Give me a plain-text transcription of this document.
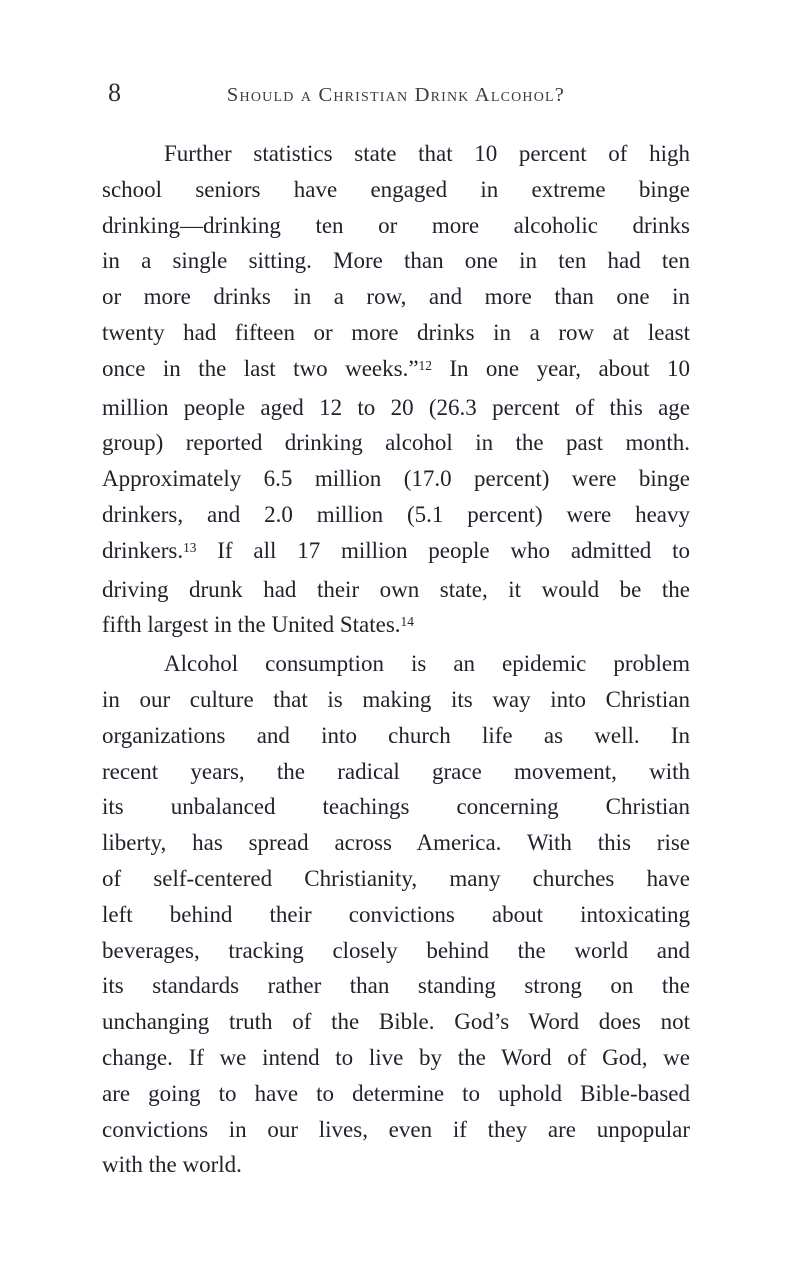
8	Should a Christian Drink Alcohol?
Further statistics state that 10 percent of high
school seniors have engaged in extreme binge
drinking—drinking ten or more alcoholic drinks
in a single sitting. More than one in ten had ten
or more drinks in a row, and more than one in
twenty had fifteen or more drinks in a row at least
once in the last two weeks.”$^{12}$ In one year, about 10
million people aged 12 to 20 (26.3 percent of this age
group) reported drinking alcohol in the past month.
Approximately 6.5 million (17.0 percent) were binge
drinkers, and 2.0 million (5.1 percent) were heavy
drinkers.$^{13}$ If all 17 million people who admitted to
driving drunk had their own state, it would be the
fifth largest in the United States.$^{14}$
Alcohol consumption is an epidemic problem
in our culture that is making its way into Christian
organizations and into church life as well. In
recent years, the radical grace movement, with
its unbalanced teachings concerning Christian
liberty, has spread across America. With this rise
of self-centered Christianity, many churches have
left behind their convictions about intoxicating
beverages, tracking closely behind the world and
its standards rather than standing strong on the
unchanging truth of the Bible. God’s Word does not
change. If we intend to live by the Word of God, we
are going to have to determine to uphold Bible-based
convictions in our lives, even if they are unpopular
with the world.
